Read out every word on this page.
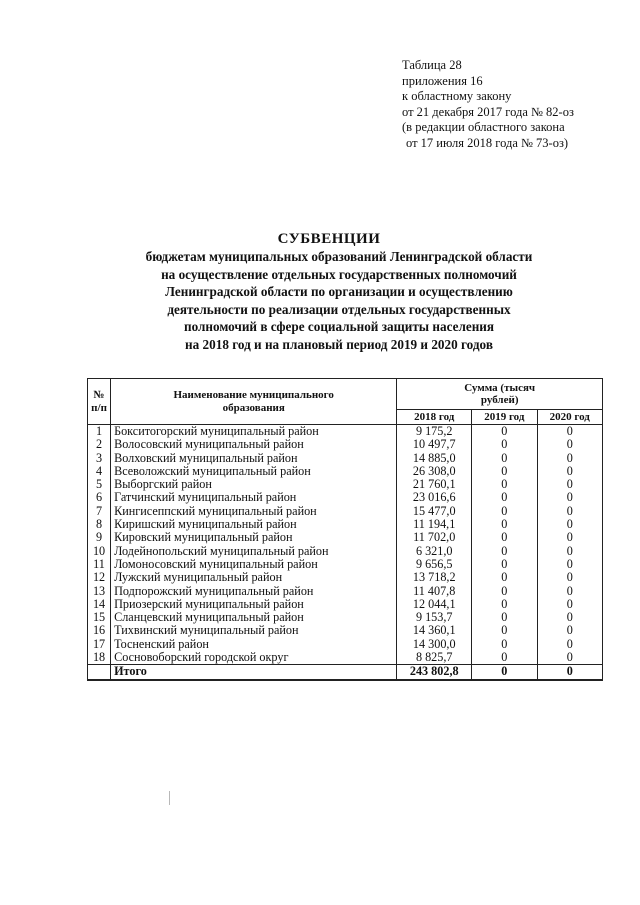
Таблица 28
приложения 16
к областному закону
от 21 декабря 2017 года № 82-оз
(в редакции областного закона
от 17 июля 2018 года № 73-оз)
СУБВЕНЦИИ
бюджетам муниципальных образований Ленинградской области
на осуществление отдельных государственных полномочий
Ленинградской области по организации и осуществлению
деятельности по реализации отдельных государственных
полномочий в сфере социальной защиты населения
на 2018 год и на плановый период 2019 и 2020 годов
№ п/п	Наименование муниципального образования	Сумма (тысяч рублей)		
		2018 год	2019 год	2020 год
1	Бокситогорский муниципальный район	9 175,2	0	0
2	Волосовский муниципальный район	10 497,7	0	0
3	Волховский муниципальный район	14 885,0	0	0
4	Всеволожский муниципальный район	26 308,0	0	0
5	Выборгский район	21 760,1	0	0
6	Гатчинский муниципальный район	23 016,6	0	0
7	Кингисеппский муниципальный район	15 477,0	0	0
8	Киришский муниципальный район	11 194,1	0	0
9	Кировский муниципальный район	11 702,0	0	0
10	Лодейнопольский муниципальный район	6 321,0	0	0
11	Ломоносовский муниципальный район	9 656,5	0	0
12	Лужский муниципальный район	13 718,2	0	0
13	Подпорожский муниципальный район	11 407,8	0	0
14	Приозерский муниципальный район	12 044,1	0	0
15	Сланцевский муниципальный район	9 153,7	0	0
16	Тихвинский муниципальный район	14 360,1	0	0
17	Тосненский район	14 300,0	0	0
18	Сосновоборский городской округ	8 825,7	0	0
	Итого	243 802,8	0	0
